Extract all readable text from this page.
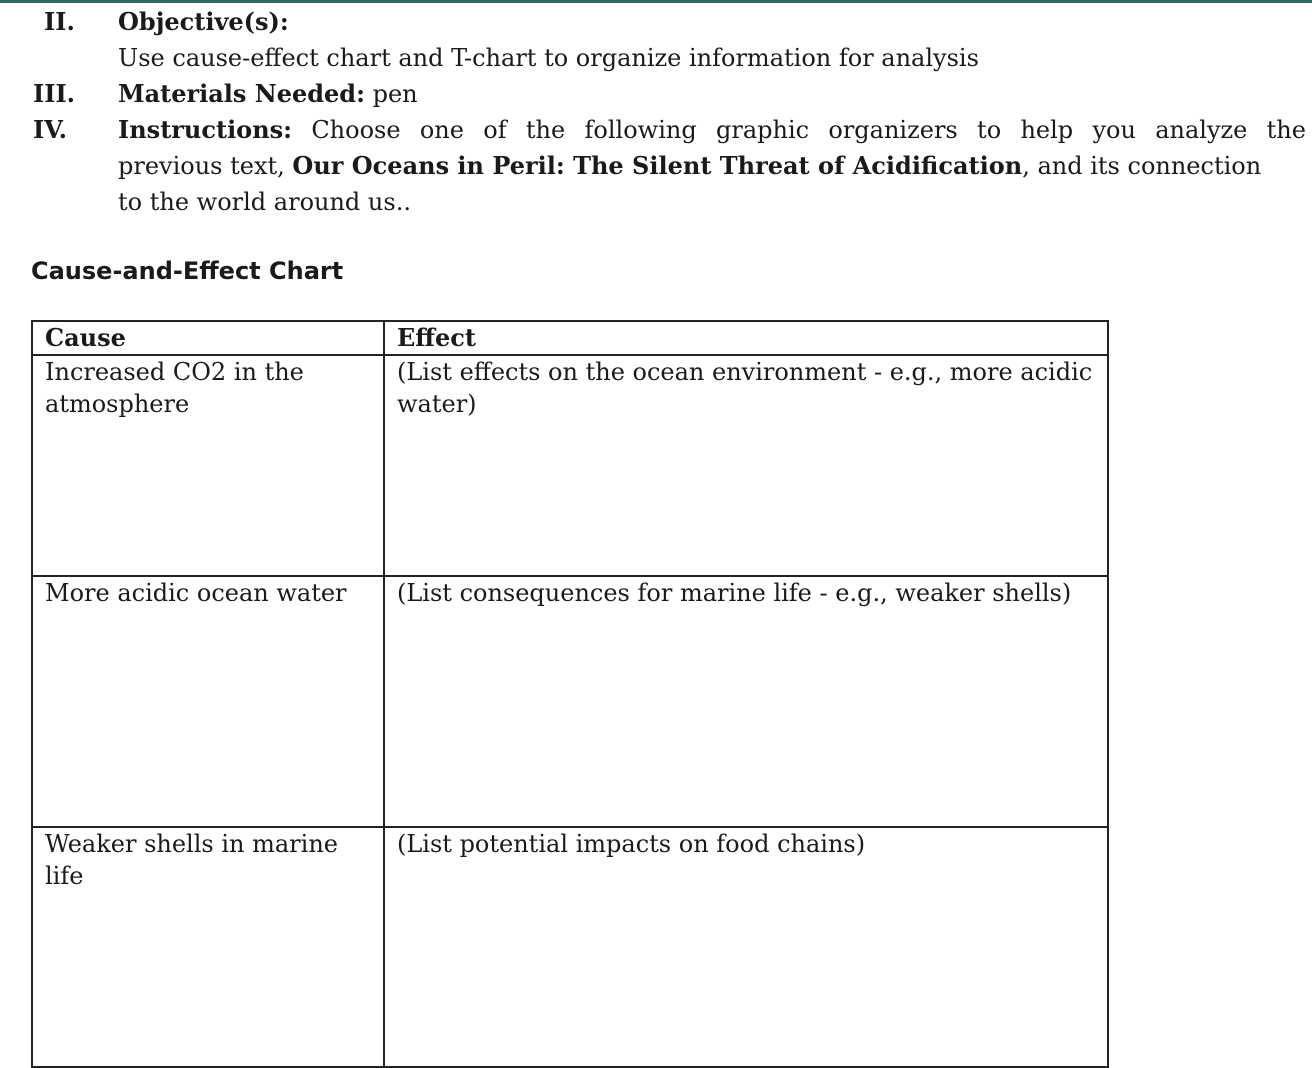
II. Objective(s):
Use cause-effect chart and T-chart to organize information for analysis
III. Materials Needed: pen
IV. Instructions: Choose one of the following graphic organizers to help you analyze the
previous text, Our Oceans in Peril: The Silent Threat of Acidification, and its connection
to the world around us..
Cause-and-Effect Chart
Cause	Effect
Increased CO2 in the atmosphere	(List effects on the ocean environment - e.g., more acidic water)
More acidic ocean water	(List consequences for marine life - e.g., weaker shells)
Weaker shells in marine life	(List potential impacts on food chains)
